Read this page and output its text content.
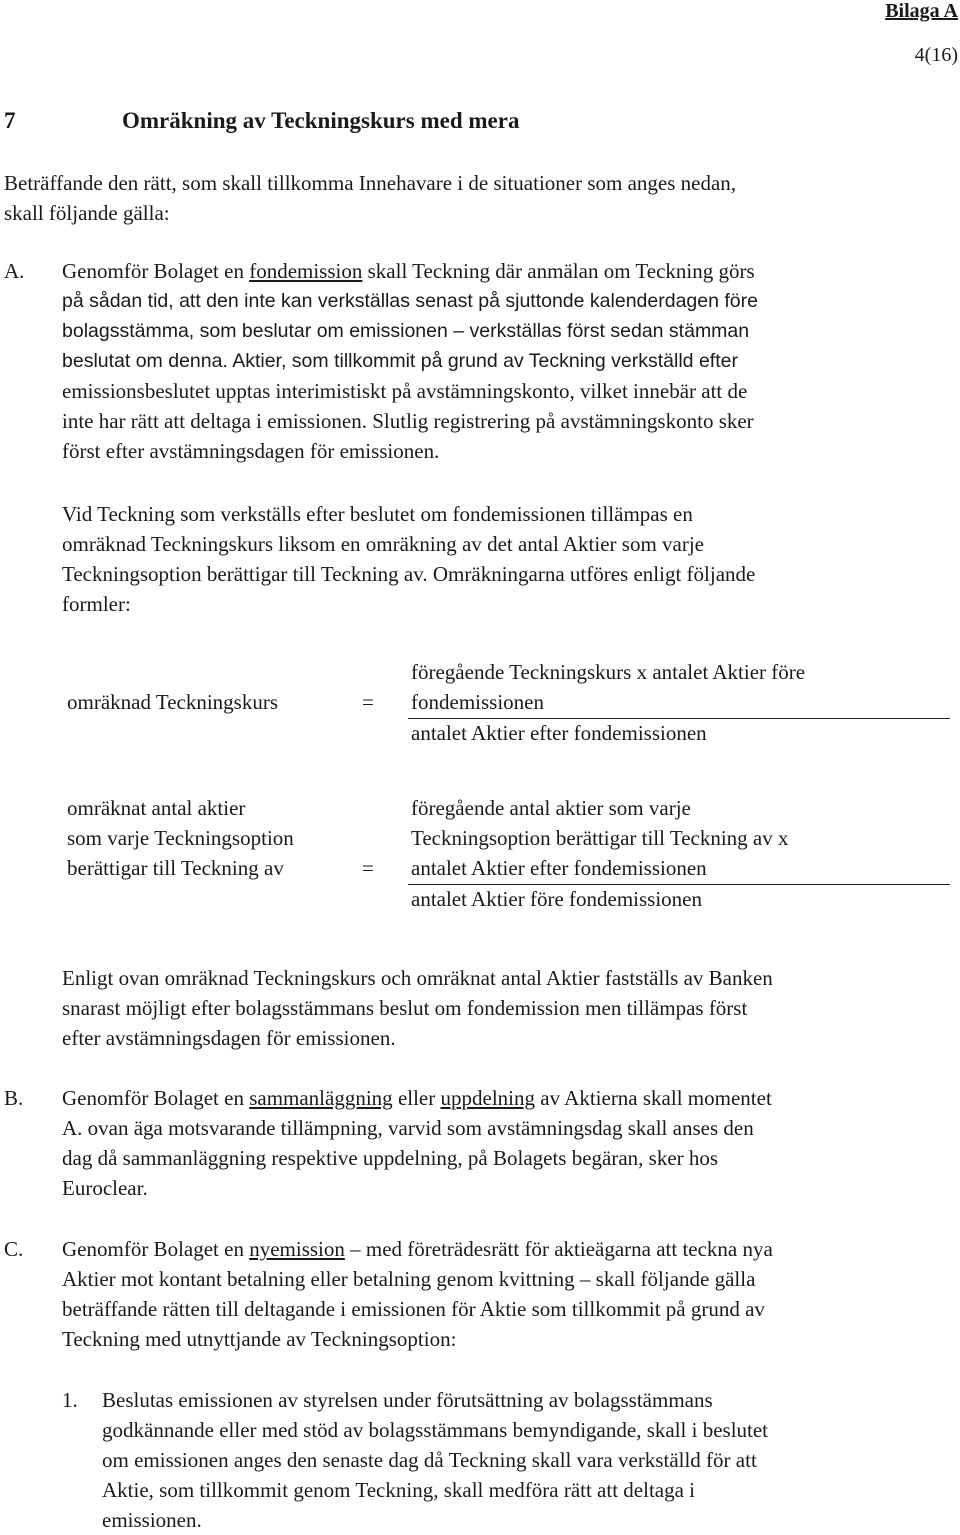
Bilaga A
4(16)
7	Omräkning av Teckningskurs med mera
Beträffande den rätt, som skall tillkomma Innehavare i de situationer som anges nedan,
skall följande gälla:
A. Genomför Bolaget en fondemission skall Teckning där anmälan om Teckning görs
på sådan tid, att den inte kan verkställas senast på sjuttonde kalenderdagen före
bolagsstämma, som beslutar om emissionen – verkställas först sedan stämman
beslutat om denna. Aktier, som tillkommit på grund av Teckning verkställd efter
emissionsbeslutet upptas interimistiskt på avstämningskonto, vilket innebär att de
inte har rätt att deltaga i emissionen. Slutlig registrering på avstämningskonto sker
först efter avstämningsdagen för emissionen.
Vid Teckning som verkställs efter beslutet om fondemissionen tillämpas en
omräknad Teckningskurs liksom en omräkning av det antal Aktier som varje
Teckningsoption berättigar till Teckning av. Omräkningarna utföres enligt följande
formler:
omräknad Teckningskurs	=
föregående Teckningskurs x antalet Aktier före
fondemissionen
antalet Aktier efter fondemissionen
omräknat antal aktier
som varje Teckningsoption
berättigar till Teckning av	=
föregående antal aktier som varje
Teckningsoption berättigar till Teckning av x
antalet Aktier efter fondemissionen
antalet Aktier före fondemissionen
Enligt ovan omräknad Teckningskurs och omräknat antal Aktier fastställs av Banken
snarast möjligt efter bolagsstämmans beslut om fondemission men tillämpas först
efter avstämningsdagen för emissionen.
B. Genomför Bolaget en sammanläggning eller uppdelning av Aktierna skall momentet
A. ovan äga motsvarande tillämpning, varvid som avstämningsdag skall anses den
dag då sammanläggning respektive uppdelning, på Bolagets begäran, sker hos
Euroclear.
C. Genomför Bolaget en nyemission – med företrädesrätt för aktieägarna att teckna nya
Aktier mot kontant betalning eller betalning genom kvittning – skall följande gälla
beträffande rätten till deltagande i emissionen för Aktie som tillkommit på grund av
Teckning med utnyttjande av Teckningsoption:
1. Beslutas emissionen av styrelsen under förutsättning av bolagsstämmans
godkännande eller med stöd av bolagsstämmans bemyndigande, skall i beslutet
om emissionen anges den senaste dag då Teckning skall vara verkställd för att
Aktie, som tillkommit genom Teckning, skall medföra rätt att deltaga i
emissionen.
